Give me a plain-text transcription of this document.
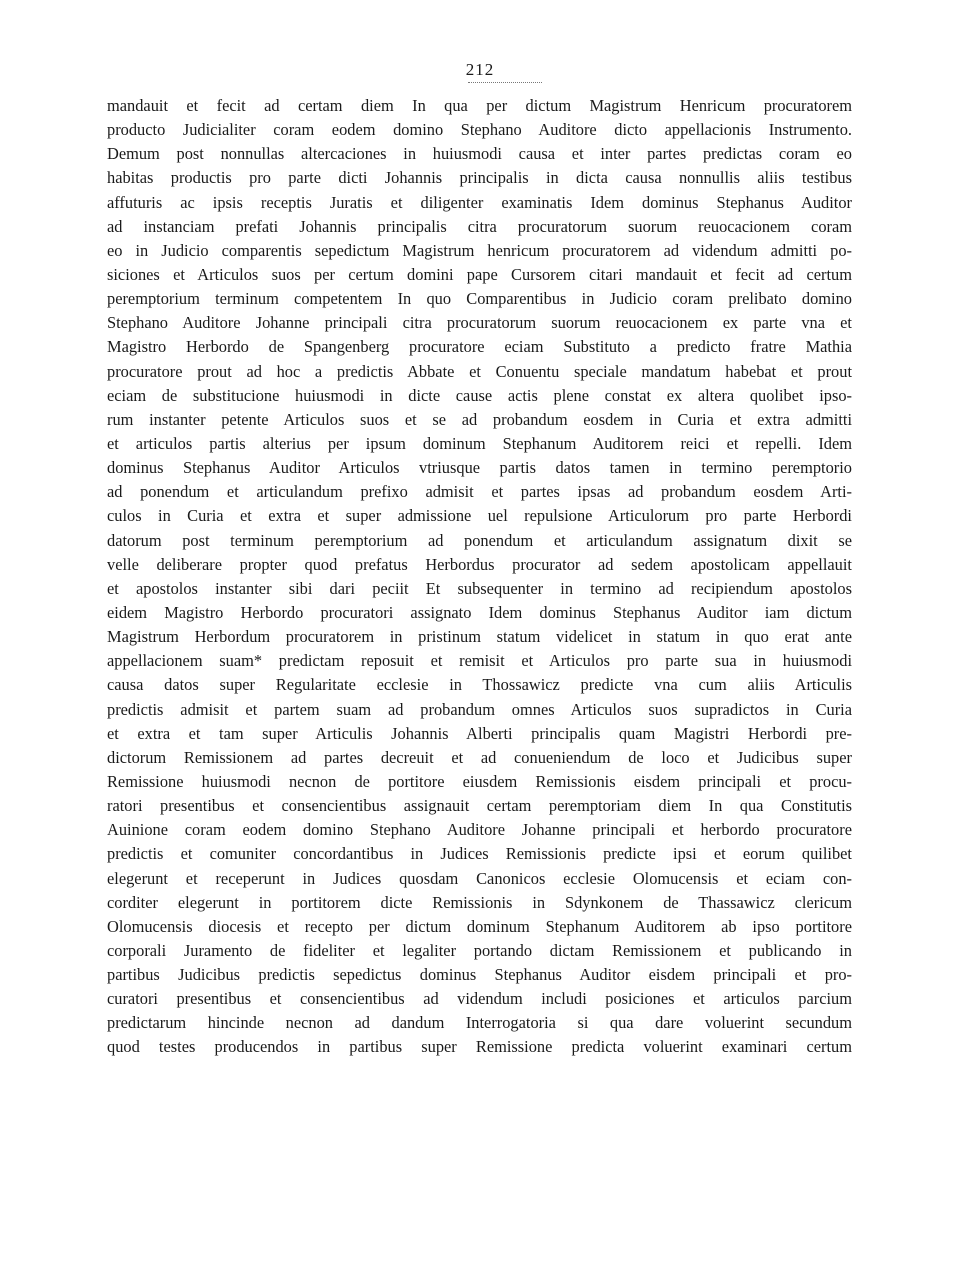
212
mandauit et fecit ad certam diem In qua per dictum Magistrum Henricum procuratorem
producto Judicialiter coram eodem domino Stephano Auditore dicto appellacionis Instrumento.
Demum post nonnullas altercaciones in huiusmodi causa et inter partes predictas coram eo
habitas productis pro parte dicti Johannis principalis in dicta causa nonnullis aliis testibus
affuturis ac ipsis receptis Juratis et diligenter examinatis Idem dominus Stephanus Auditor
ad instanciam prefati Johannis principalis citra procuratorum suorum reuocacionem coram
eo in Judicio comparentis sepedictum Magistrum henricum procuratorem ad videndum admitti po-
siciones et Articulos suos per certum domini pape Cursorem citari mandauit et fecit ad certum
peremptorium terminum competentem In quo Comparentibus in Judicio coram prelibato domino
Stephano Auditore Johanne principali citra procuratorum suorum reuocacionem ex parte vna et
Magistro Herbordo de Spangenberg procuratore eciam Substituto a predicto fratre Mathia
procuratore prout ad hoc a predictis Abbate et Conuentu speciale mandatum habebat et prout
eciam de substitucione huiusmodi in dicte cause actis plene constat ex altera quolibet ipso-
rum instanter petente Articulos suos et se ad probandum eosdem in Curia et extra admitti
et articulos partis alterius per ipsum dominum Stephanum Auditorem reici et repelli. Idem
dominus Stephanus Auditor Articulos vtriusque partis datos tamen in termino peremptorio
ad ponendum et articulandum prefixo admisit et partes ipsas ad probandum eosdem Arti-
culos in Curia et extra et super admissione uel repulsione Articulorum pro parte Herbordi
datorum post terminum peremptorium ad ponendum et articulandum assignatum dixit se
velle deliberare propter quod prefatus Herbordus procurator ad sedem apostolicam appellauit
et apostolos instanter sibi dari peciit Et subsequenter in termino ad recipiendum apostolos
eidem Magistro Herbordo procuratori assignato Idem dominus Stephanus Auditor iam dictum
Magistrum Herbordum procuratorem in pristinum statum videlicet in statum in quo erat ante
appellacionem suam* predictam reposuit et remisit et Articulos pro parte sua in huiusmodi
causa datos super Regularitate ecclesie in Thossawicz predicte vna cum aliis Articulis
predictis admisit et partem suam ad probandum omnes Articulos suos supradictos in Curia
et extra et tam super Articulis Johannis Alberti principalis quam Magistri Herbordi pre-
dictorum Remissionem ad partes decreuit et ad conueniendum de loco et Judicibus super
Remissione huiusmodi necnon de portitore eiusdem Remissionis eisdem principali et procu-
ratori presentibus et consencientibus assignauit certam peremptoriam diem In qua Constitutis
Auinione coram eodem domino Stephano Auditore Johanne principali et herbordo procuratore
predictis et comuniter concordantibus in Judices Remissionis predicte ipsi et eorum quilibet
elegerunt et receperunt in Judices quosdam Canonicos ecclesie Olomucensis et eciam con-
corditer elegerunt in portitorem dicte Remissionis in Sdynkonem de Thassawicz clericum
Olomucensis diocesis et recepto per dictum dominum Stephanum Auditorem ab ipso portitore
corporali Juramento de fideliter et legaliter portando dictam Remissionem et publicando in
partibus Judicibus predictis sepedictus dominus Stephanus Auditor eisdem principali et pro-
curatori presentibus et consencientibus ad videndum includi posiciones et articulos parcium
predictarum hincinde necnon ad dandum Interrogatoria si qua dare voluerint secundum
quod testes producendos in partibus super Remissione predicta voluerint examinari certum
